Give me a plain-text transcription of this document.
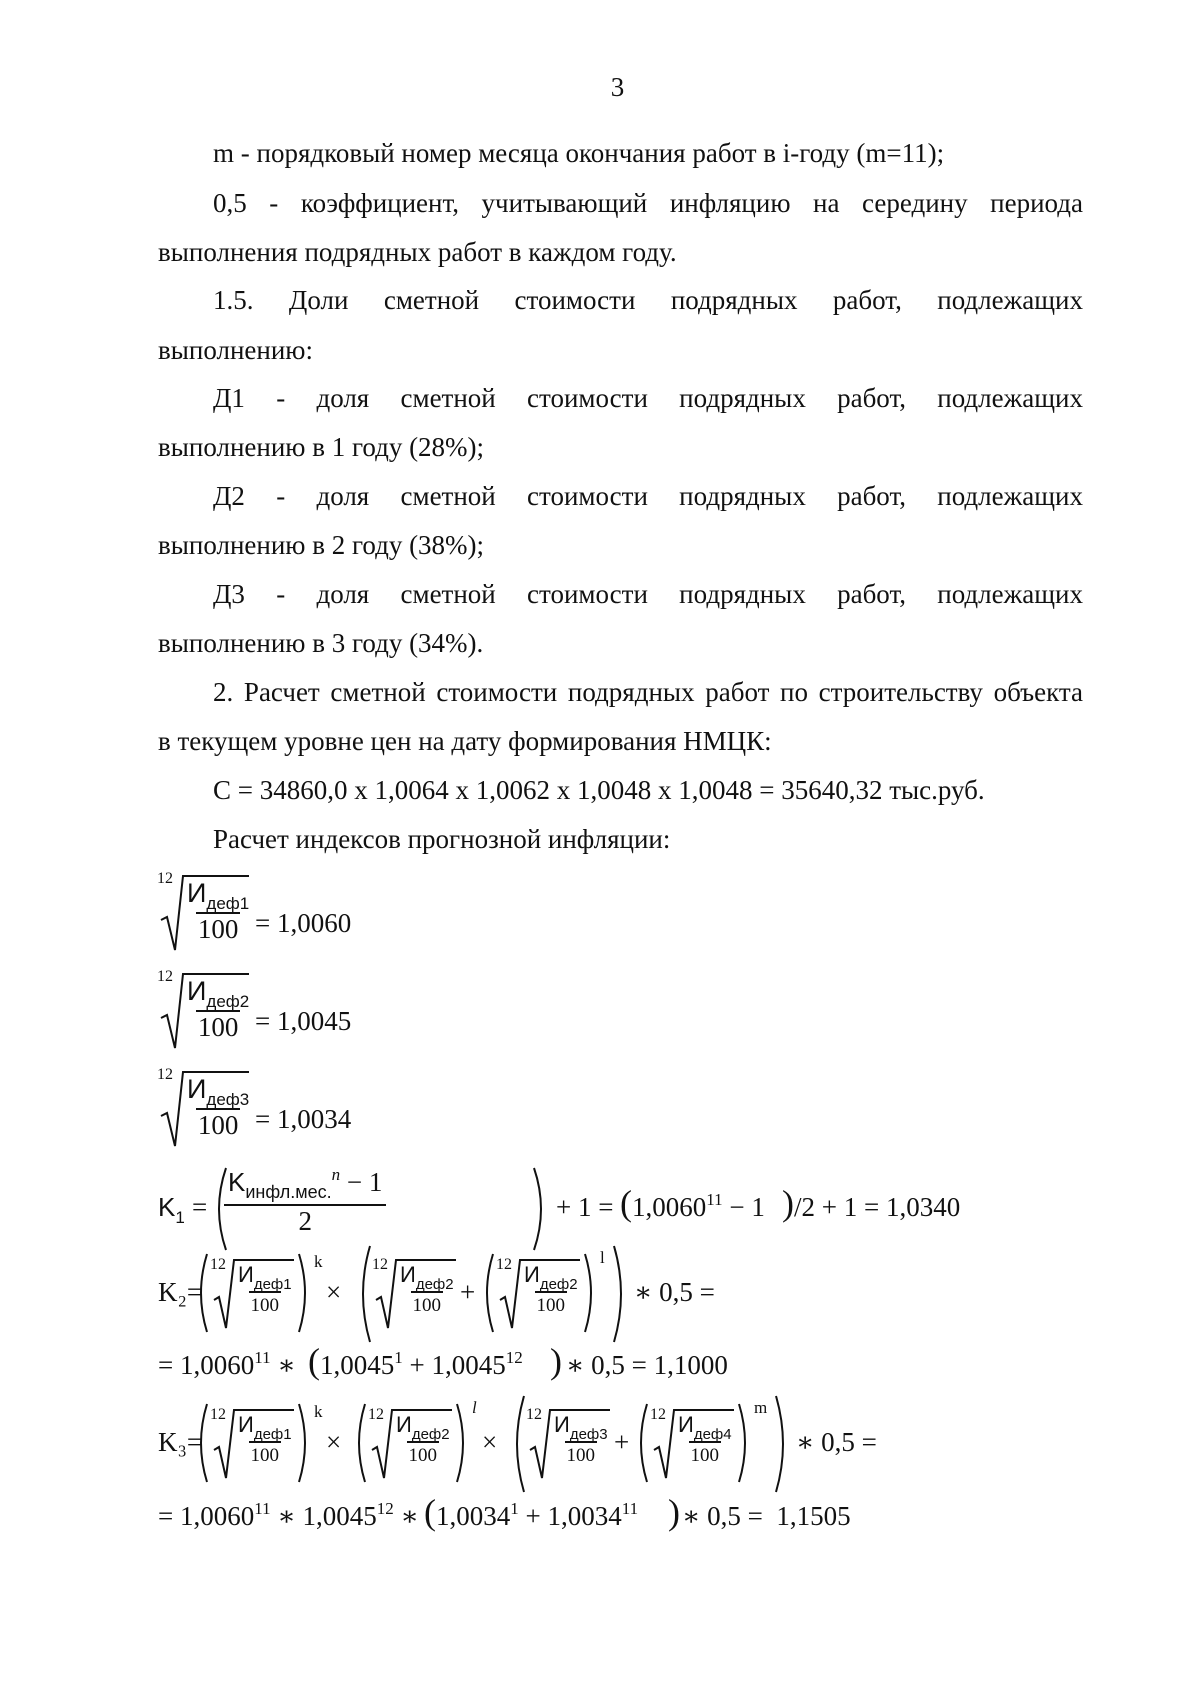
3
m - порядковый номер месяца окончания работ в i-году (m=11);
0,5 - коэффициент, учитывающий инфляцию на середину периода
выполнения подрядных работ в каждом году.
1.5. Доли сметной стоимости подрядных работ, подлежащих
выполнению:
Д1 - доля сметной стоимости подрядных работ, подлежащих
выполнению в 1 году (28%);
Д2 - доля сметной стоимости подрядных работ, подлежащих
выполнению в 2 году (38%);
Д3 - доля сметной стоимости подрядных работ, подлежащих
выполнению в 3 году (34%).
2. Расчет сметной стоимости подрядных работ по строительству объекта
в текущем уровне цен на дату формирования НМЦК:
С = 34860,0 х 1,0064 х 1,0062 х 1,0048 х 1,0048 = 35640,32 тыс.руб.
Расчет индексов прогнозной инфляции:
12 $И_{деф1}$
100 = 1,0060
12 $И_{деф2}$
100 = 1,0045
12 $И_{деф3}$
100 = 1,0034
$K_1$ =
$K_{инфл.мес.}^n - 1$
2	+ 1 = ( $1,0060^{11} - 1$ ) /2 + 1 = 1,0340
K₂=
12 $И_{деф1}$
100
k
×
12 $И_{деф2}$
100 +
12 $И_{деф2}$
100
l
∗ 0,5 =
= $1,0060^{11}$ ∗ ( $1,0045^1 + 1,0045^{12}$ ) ∗ 0,5 = 1,1000
K₃=
12 $И_{деф1}$
100
k
×
12 $И_{деф2}$
100
l
×
12 $И_{деф3}$
100 +
12 $И_{деф4}$
100
m
∗ 0,5 =
= $1,0060^{11}$ ∗ 1,0045$^{12}$ ∗ ( $1,0034^1 + 1,0034^{11}$ ) ∗ 0,5 =  1,1505
